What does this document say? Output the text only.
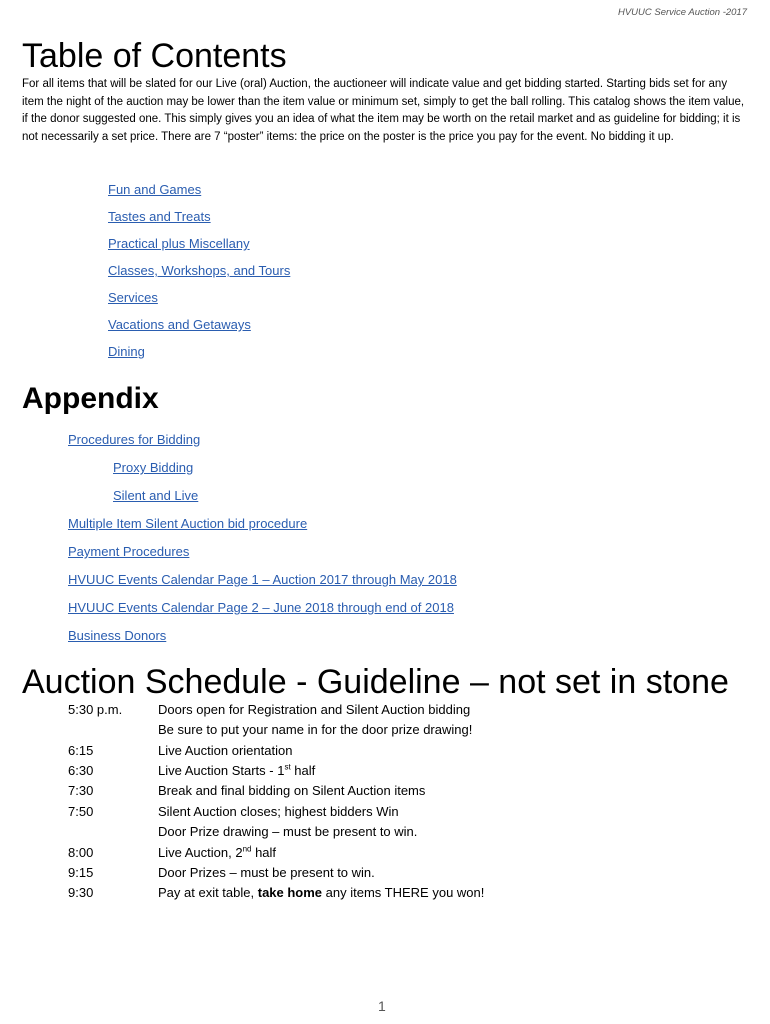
HVUUC Service Auction -2017
Table of Contents

For all items that will be slated for our Live (oral) Auction, the auctioneer will indicate value and get bidding started. Starting bids set for any item the night of the auction may be lower than the item value or minimum set, simply to get the ball rolling. This catalog shows the item value, if the donor suggested one. This simply gives you an idea of what the item may be worth on the retail market and as guideline for bidding; it is not necessarily a set price. There are 7 “poster” items: the price on the poster is the price you pay for the event. No bidding it up.

Fun and Games
Tastes and Treats
Practical plus Miscellany
Classes, Workshops, and Tours
Services
Vacations and Getaways
Dining
Appendix
Procedures for Bidding
Proxy Bidding
Silent and Live
Multiple Item Silent Auction bid procedure
Payment Procedures
HVUUC Events Calendar Page 1 – Auction 2017 through May 2018
HVUUC Events Calendar Page 2 – June 2018 through end of 2018
Business Donors
Auction Schedule - Guideline – not set in stone
5:30 p.m.	Doors open for Registration and Silent Auction bidding
Be sure to put your name in for the door prize drawing!
6:15	Live Auction orientation
6:30	Live Auction Starts - 1st half
7:30	Break and final bidding on Silent Auction items
7:50	Silent Auction closes; highest bidders Win
Door Prize drawing – must be present to win.
8:00	Live Auction, 2nd half
9:15	Door Prizes – must be present to win.
9:30	Pay at exit table, take home any items THERE you won!
1
